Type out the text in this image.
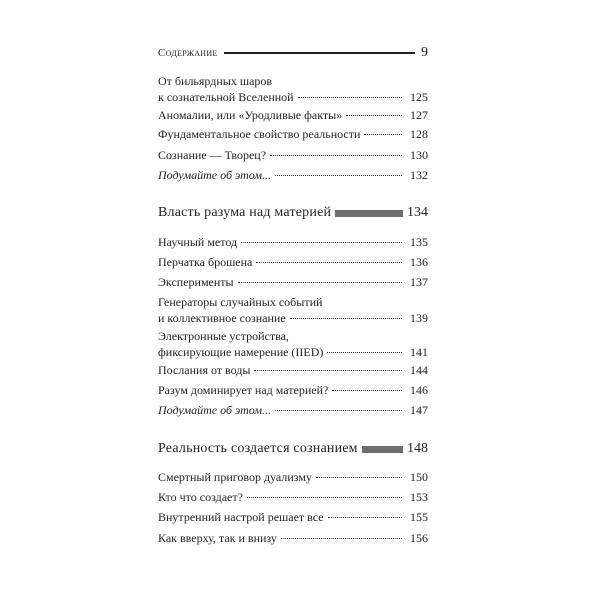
Содержание	9
От бильярдных шаров
к сознательной Вселенной	125
Аномалии, или «Уродливые факты»	127
Фундаментальное свойство реальности	128
Сознание — Творец?	130
Подумайте об этом...	132
Власть разума над материей	134
Научный метод	135
Перчатка брошена	136
Эксперименты	137
Генераторы случайных событий
и коллективное сознание	139
Электронные устройства,
фиксирующие намерение (IIED)	141
Послания от воды	144
Разум доминирует над материей?	146
Подумайте об этом...	147
Реальность создается сознанием	148
Смертный приговор дуализму	150
Кто что создает?	153
Внутренний настрой решает все	155
Как вверху, так и внизу	156
